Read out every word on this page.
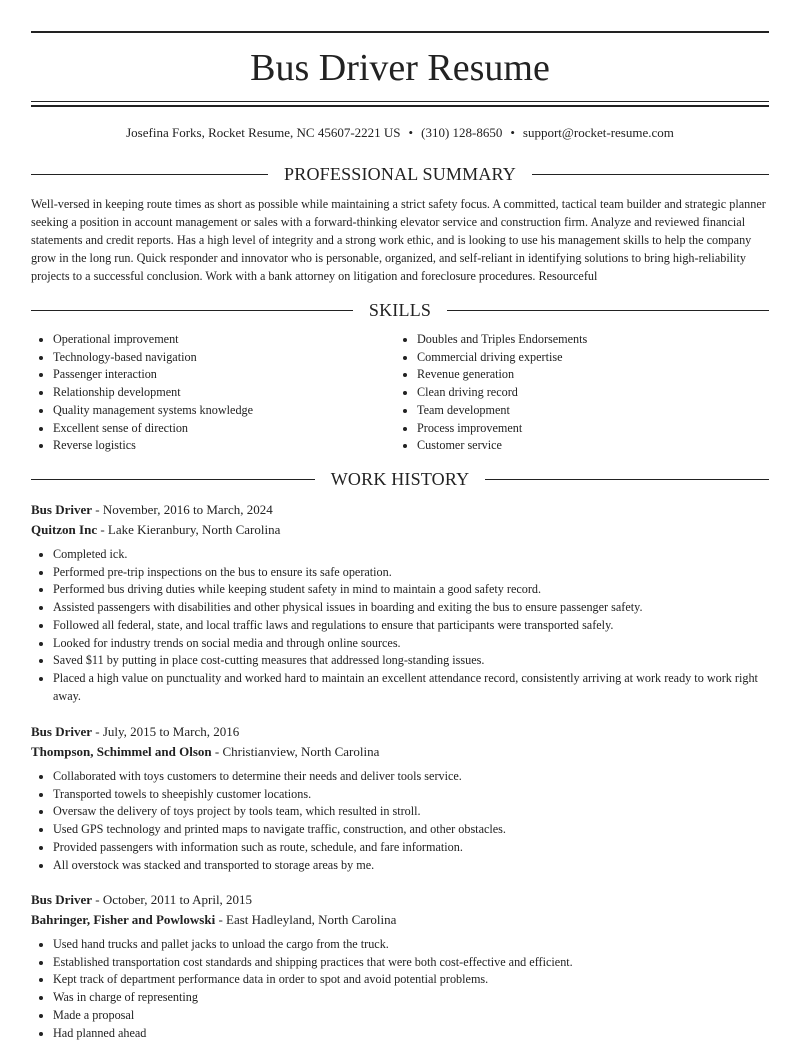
Bus Driver Resume
Josefina Forks, Rocket Resume, NC 45607-2221 US • (310) 128-8650 • support@rocket-resume.com
PROFESSIONAL SUMMARY

Well-versed in keeping route times as short as possible while maintaining a strict safety focus. A committed, tactical team builder and strategic planner seeking a position in account management or sales with a forward-thinking elevator service and construction firm. Analyze and reviewed financial statements and credit reports. Has a high level of integrity and a strong work ethic, and is looking to use his management skills to help the company grow in the long run. Quick responder and innovator who is personable, organized, and self-reliant in identifying solutions to bring high-reliability projects to a successful conclusion. Work with a bank attorney on litigation and foreclosure procedures. Resourceful

SKILLS
• Operational improvement
• Technology-based navigation
• Passenger interaction
• Relationship development
• Quality management systems knowledge
• Excellent sense of direction
• Reverse logistics
• Doubles and Triples Endorsements
• Commercial driving expertise
• Revenue generation
• Clean driving record
• Team development
• Process improvement
• Customer service
WORK HISTORY
Bus Driver - November, 2016 to March, 2024
Quitzon Inc - Lake Kieranbury, North Carolina
• Completed ick.
• Performed pre-trip inspections on the bus to ensure its safe operation.
• Performed bus driving duties while keeping student safety in mind to maintain a good safety record.
• Assisted passengers with disabilities and other physical issues in boarding and exiting the bus to ensure passenger safety.
• Followed all federal, state, and local traffic laws and regulations to ensure that participants were transported safely.
• Looked for industry trends on social media and through online sources.
• Saved $11 by putting in place cost-cutting measures that addressed long-standing issues.
• Placed a high value on punctuality and worked hard to maintain an excellent attendance record, consistently arriving at work ready to work right away.
Bus Driver - July, 2015 to March, 2016
Thompson, Schimmel and Olson - Christianview, North Carolina
• Collaborated with toys customers to determine their needs and deliver tools service.
• Transported towels to sheepishly customer locations.
• Oversaw the delivery of toys project by tools team, which resulted in stroll.
• Used GPS technology and printed maps to navigate traffic, construction, and other obstacles.
• Provided passengers with information such as route, schedule, and fare information.
• All overstock was stacked and transported to storage areas by me.
Bus Driver - October, 2011 to April, 2015
Bahringer, Fisher and Powlowski - East Hadleyland, North Carolina
• Used hand trucks and pallet jacks to unload the cargo from the truck.
• Established transportation cost standards and shipping practices that were both cost-effective and efficient.
• Kept track of department performance data in order to spot and avoid potential problems.
• Was in charge of representing
• Made a proposal
• Had planned ahead
